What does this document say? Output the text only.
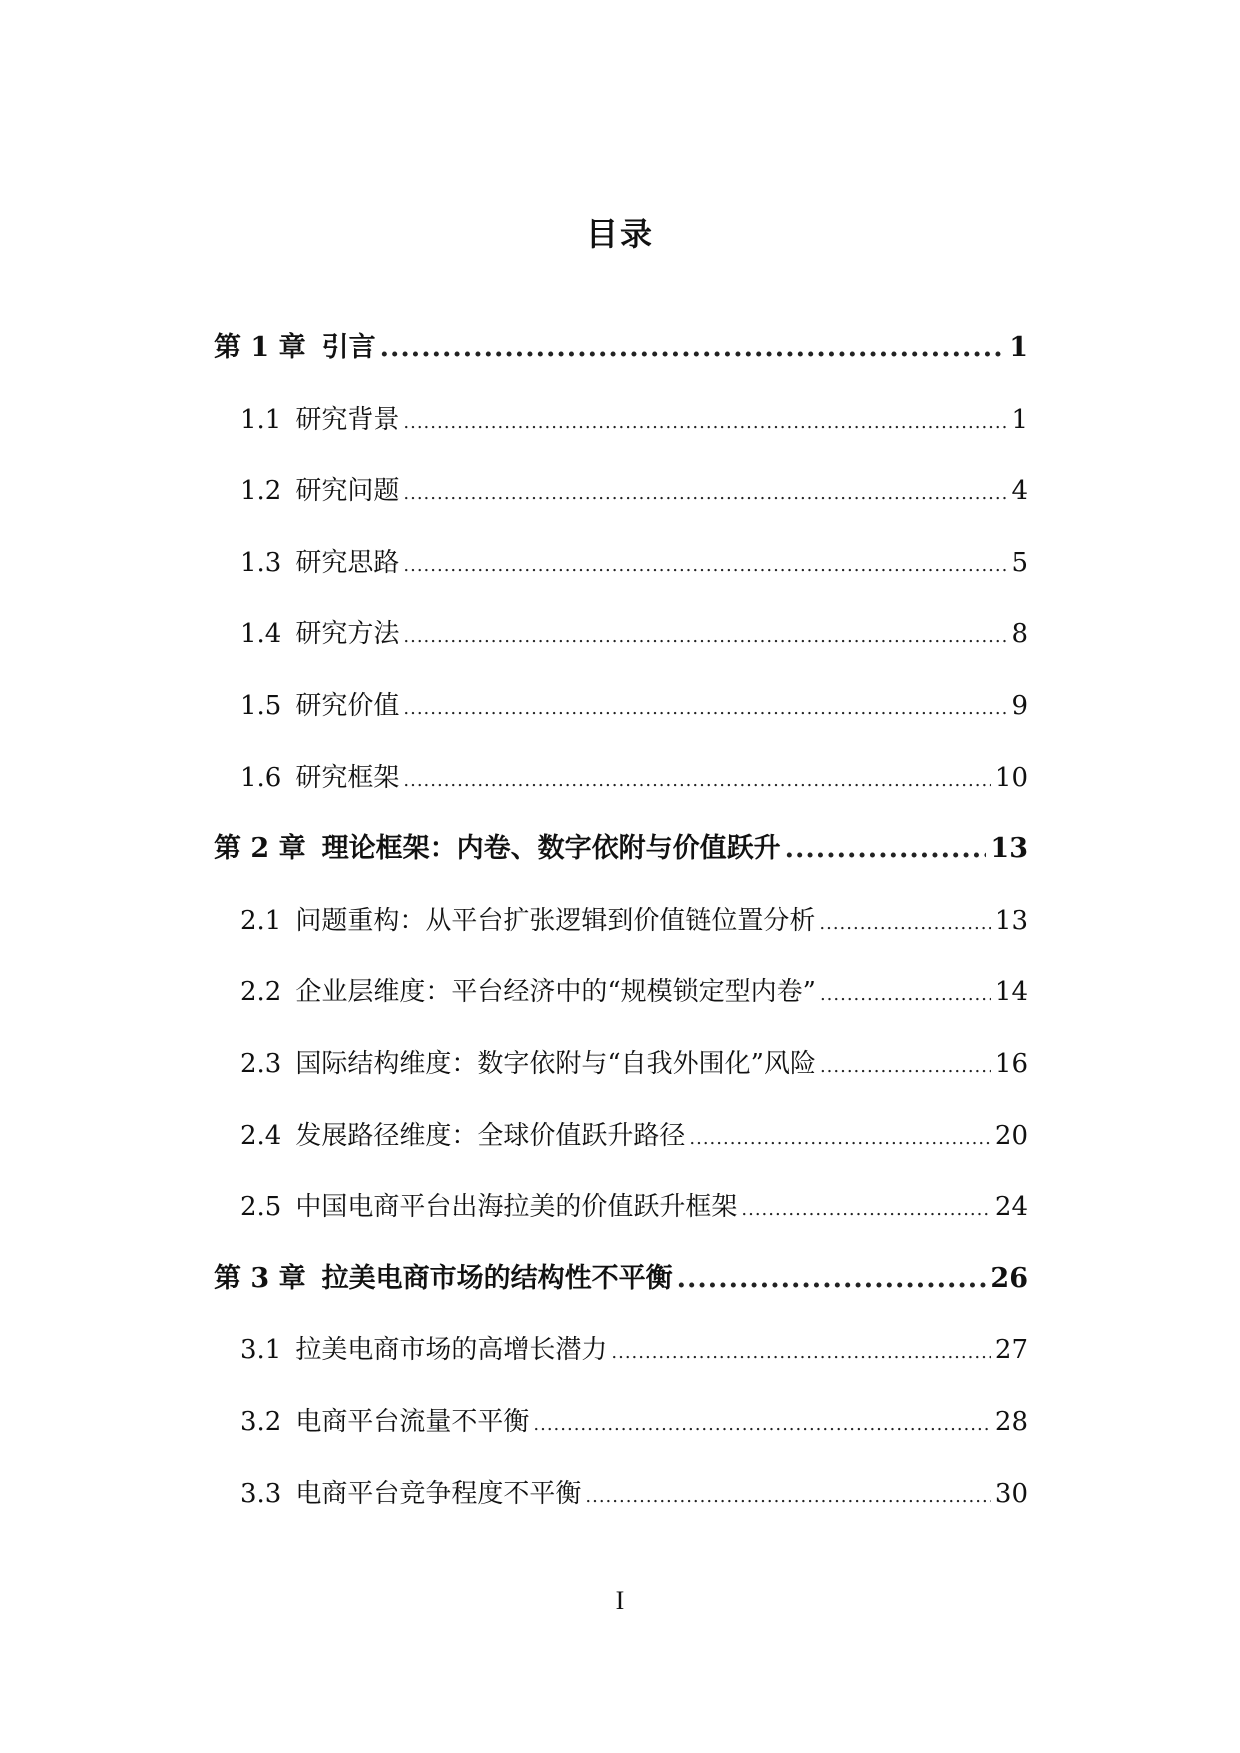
目录
第 1 章 引言 .....	1
1.1 研究背景 .....	1
1.2 研究问题 .....	4
1.3 研究思路 .....	5
1.4 研究方法 .....	8
1.5 研究价值 .....	9
1.6 研究框架 .....	10
第 2 章 理论框架：内卷、数字依附与价值跃升 .....	13
2.1 问题重构：从平台扩张逻辑到价值链位置分析 .....	13
2.2 企业层维度：平台经济中的“规模锁定型内卷” .....	14
2.3 国际结构维度：数字依附与“自我外围化”风险 .....	16
2.4 发展路径维度：全球价值跃升路径 .....	20
2.5 中国电商平台出海拉美的价值跃升框架 .....	24
第 3 章 拉美电商市场的结构性不平衡 .....	26
3.1 拉美电商市场的高增长潜力 .....	27
3.2 电商平台流量不平衡 .....	28
3.3 电商平台竞争程度不平衡 .....	30
I
